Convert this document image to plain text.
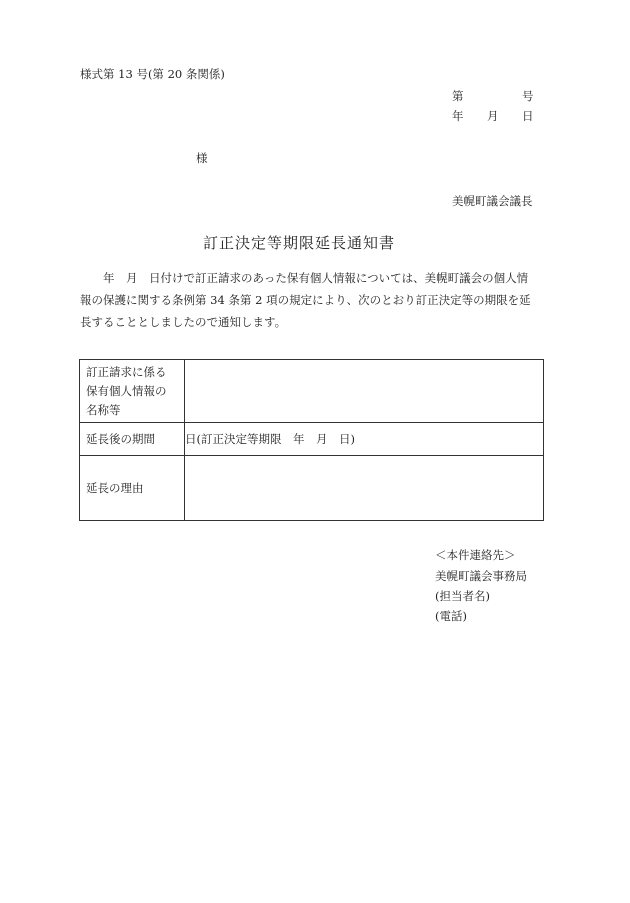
様式第 13 号(第 20 条関係)
第	号
年 月 日
様
美幌町議会議長
訂正決定等期限延長通知書
年　月　日付けで訂正請求のあった保有個人情報については、美幌町議会の個人情
報の保護に関する条例第 34 条第 2 項の規定により、次のとおり訂正決定等の期限を延
長することとしましたので通知します。
訂正請求に係る
保有個人情報の
名称等	

延長後の期間	日(訂正決定等期限　年　月　日)
延長の理由	
＜本件連絡先＞
美幌町議会事務局
(担当者名)
(電話)
